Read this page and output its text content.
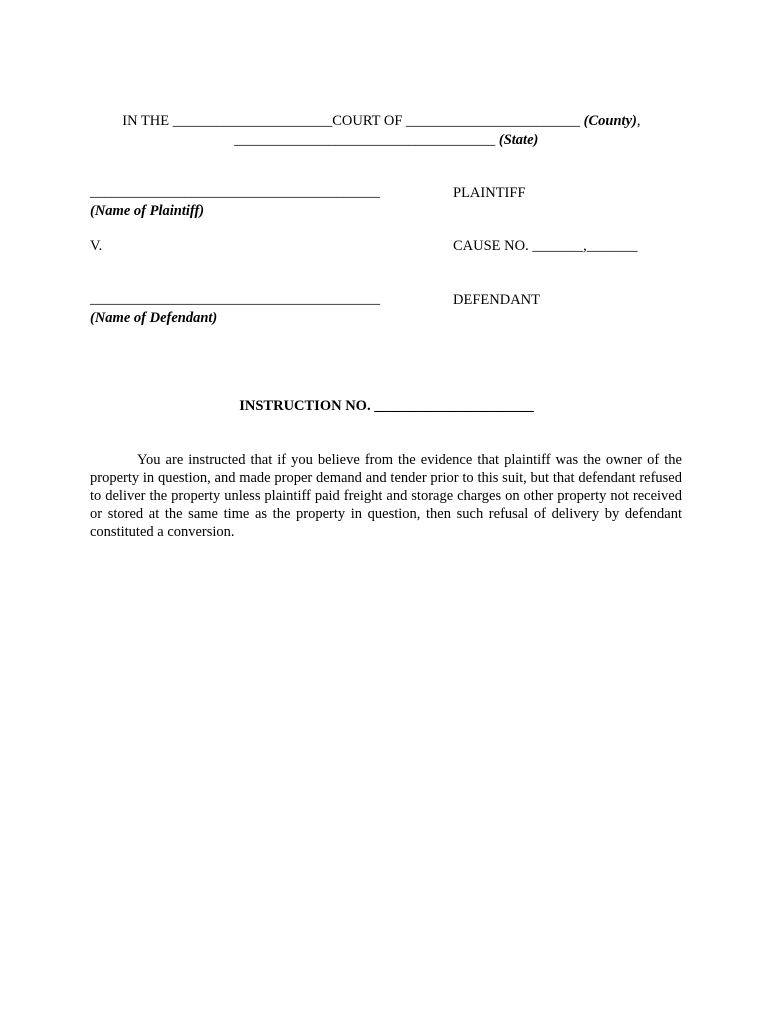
IN THE ______________________COURT OF ________________________ (County),

____________________________________ (State)

________________________________________
(Name of Plaintiff)
PLAINTIFF
V.	CAUSE NO. _______,_______
________________________________________
(Name of Defendant)
DEFENDANT

INSTRUCTION NO. ______________________

You are instructed that if you believe from the evidence that plaintiff was the owner of the property in question, and made proper demand and tender prior to this suit, but that defendant refused to deliver the property unless plaintiff paid freight and storage charges on other property not received or stored at the same time as the property in question, then such refusal of delivery by defendant constituted a conversion.
